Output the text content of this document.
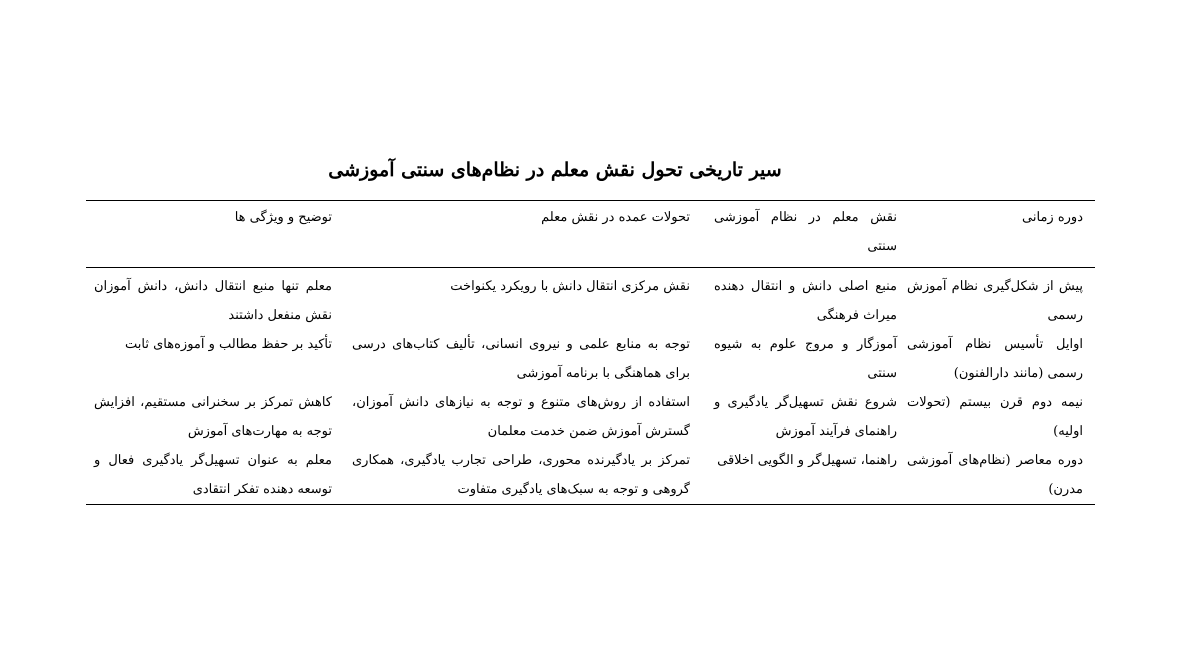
سیر تاریخی تحول نقش معلم در نظام‌های سنتی آموزشی
دوره زمانی	نقش معلم در نظام آموزشی سنتی	تحولات عمده در نقش معلم	توضیح و ویژگی ها
پیش از شکل‌گیری نظام آموزش رسمی	منبع اصلی دانش و انتقال دهنده میراث فرهنگی	نقش مرکزی انتقال دانش با رویکرد یکنواخت	معلم تنها منبع انتقال دانش، دانش آموزان نقش منفعل داشتند
اوایل تأسیس نظام آموزشی رسمی (مانند دارالفنون)	آموزگار و مروج علوم به شیوه سنتی	توجه به منابع علمی و نیروی انسانی، تألیف کتاب‌های درسی برای هماهنگی با برنامه آموزشی	تأکید بر حفظ مطالب و آموزه‌های ثابت
نیمه دوم قرن بیستم (تحولات اولیه)	شروع نقش تسهیل‌گر یادگیری و راهنمای فرآیند آموزش	استفاده از روش‌های متنوع و توجه به نیازهای دانش آموزان، گسترش آموزش ضمن خدمت معلمان	کاهش تمرکز بر سخنرانی مستقیم، افزایش توجه به مهارت‌های آموزش
دوره معاصر (نظام‌های آموزشی مدرن)	راهنما، تسهیل‌گر و الگویی اخلاقی	تمرکز بر یادگیرنده محوری، طراحی تجارب یادگیری، همکاری گروهی و توجه به سبک‌های یادگیری متفاوت	معلم به عنوان تسهیل‌گر یادگیری فعال و توسعه دهنده تفکر انتقادی
